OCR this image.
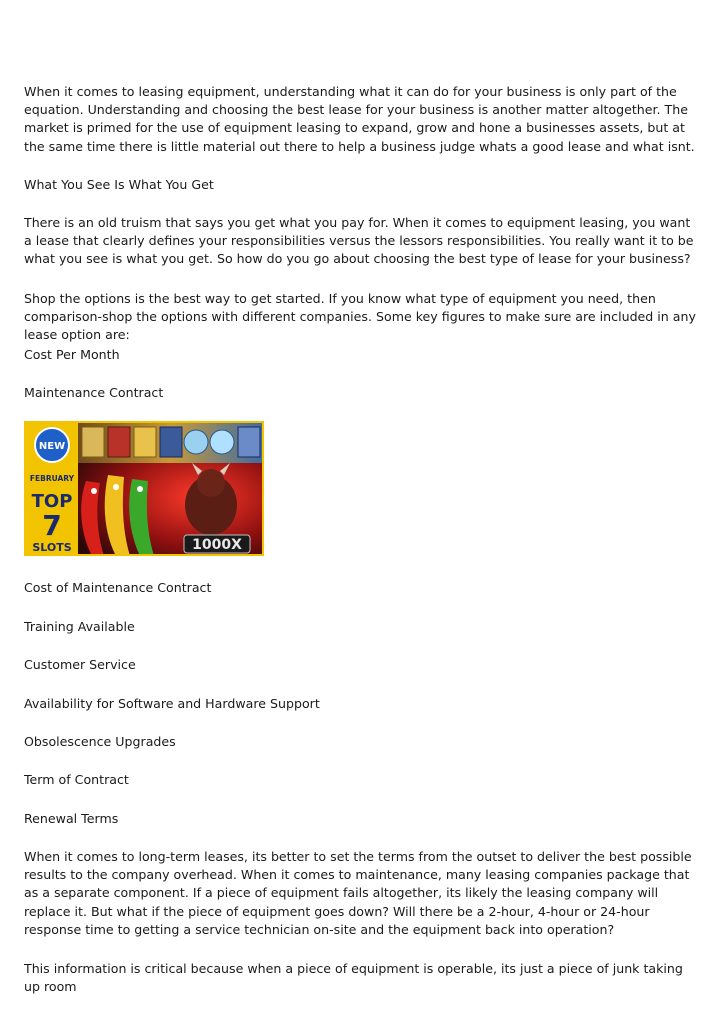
When it comes to leasing equipment, understanding what it can do for your business is only part of the equation. Understanding and choosing the best lease for your business is another matter altogether. The market is primed for the use of equipment leasing to expand, grow and hone a businesses assets, but at the same time there is little material out there to help a business judge whats a good lease and what isnt.

What You See Is What You Get

There is an old truism that says you get what you pay for. When it comes to equipment leasing, you want a lease that clearly defines your responsibilities versus the lessors responsibilities. You really want it to be what you see is what you get. So how do you go about choosing the best type of lease for your business?

Shop the options is the best way to get started. If you know what type of equipment you need, then comparison-shop the options with different companies. Some key figures to make sure are included in any lease option are:

Cost Per Month

Maintenance Contract

1000X
NEW
FEBRUARY
TOP
7
SLOTS

Cost of Maintenance Contract

Training Available

Customer Service

Availability for Software and Hardware Support

Obsolescence Upgrades

Term of Contract

Renewal Terms

When it comes to long-term leases, its better to set the terms from the outset to deliver the best possible results to the company overhead. When it comes to maintenance, many leasing companies package that as a separate component. If a piece of equipment fails altogether, its likely the leasing company will replace it. But what if the piece of equipment goes down? Will there be a 2-hour, 4-hour or 24-hour response time to getting a service technician on-site and the equipment back into operation?

This information is critical because when a piece of equipment is operable, its just a piece of junk taking up room
